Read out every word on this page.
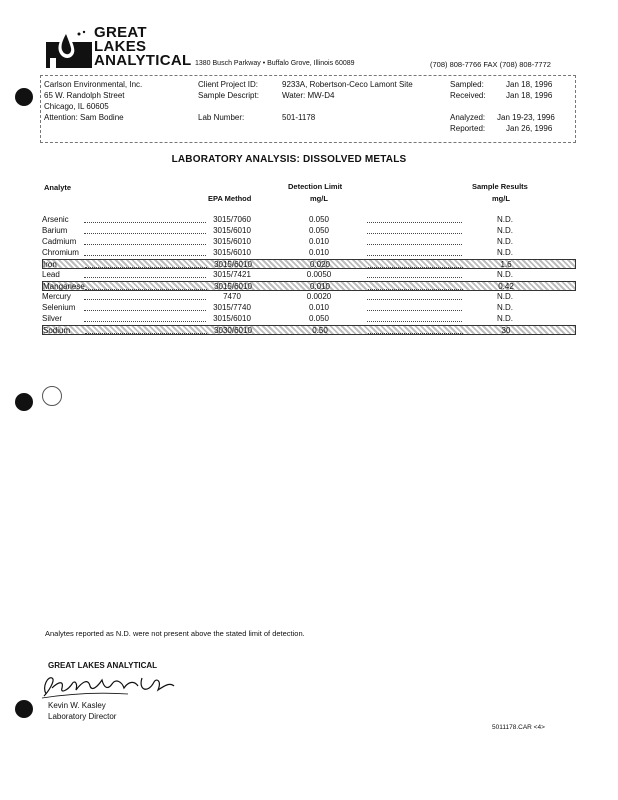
GREAT
LAKES
ANALYTICAL 1380 Busch Parkway • Buffalo Grove, Illinois 60089	(708) 808-7766 FAX (708) 808-7772
Carlson Environmental, Inc.
65 W. Randolph Street
Chicago, IL 60605
Attention: Sam Bodine
Client Project ID:	9233A, Robertson-Ceco Lamont Site
Sample Descript:	Water: MW-D4
Lab Number:	501-1178
Sampled:	Jan 18, 1996
Received:	Jan 18, 1996
Analyzed: Jan 19-23, 1996
Reported:	Jan 26, 1996
LABORATORY ANALYSIS: DISSOLVED METALS
Analyte
EPA Method
Detection Limit
mg/L
Sample Results
mg/L
Arsenic	3015/7060	0.050	N.D.
Barium	3015/6010	0.050	N.D.
Cadmium	3015/6010	0.010	N.D.
Chromium	3015/6010	0.010	N.D.
Iron	3015/6010	0.020	1.6
Lead	3015/7421	0.0050	N.D.
Manganese	3015/6010	0.010	0.42
Mercury	7470	0.0020	N.D.
Selenium	3015/7740	0.010	N.D.
Silver	3015/6010	0.050	N.D.
Sodium	3030/6010	0.50	30
Analytes reported as N.D. were not present above the stated limit of detection.
GREAT LAKES ANALYTICAL
Kevin W. Kasley
Laboratory Director
5011178.CAR <4>
